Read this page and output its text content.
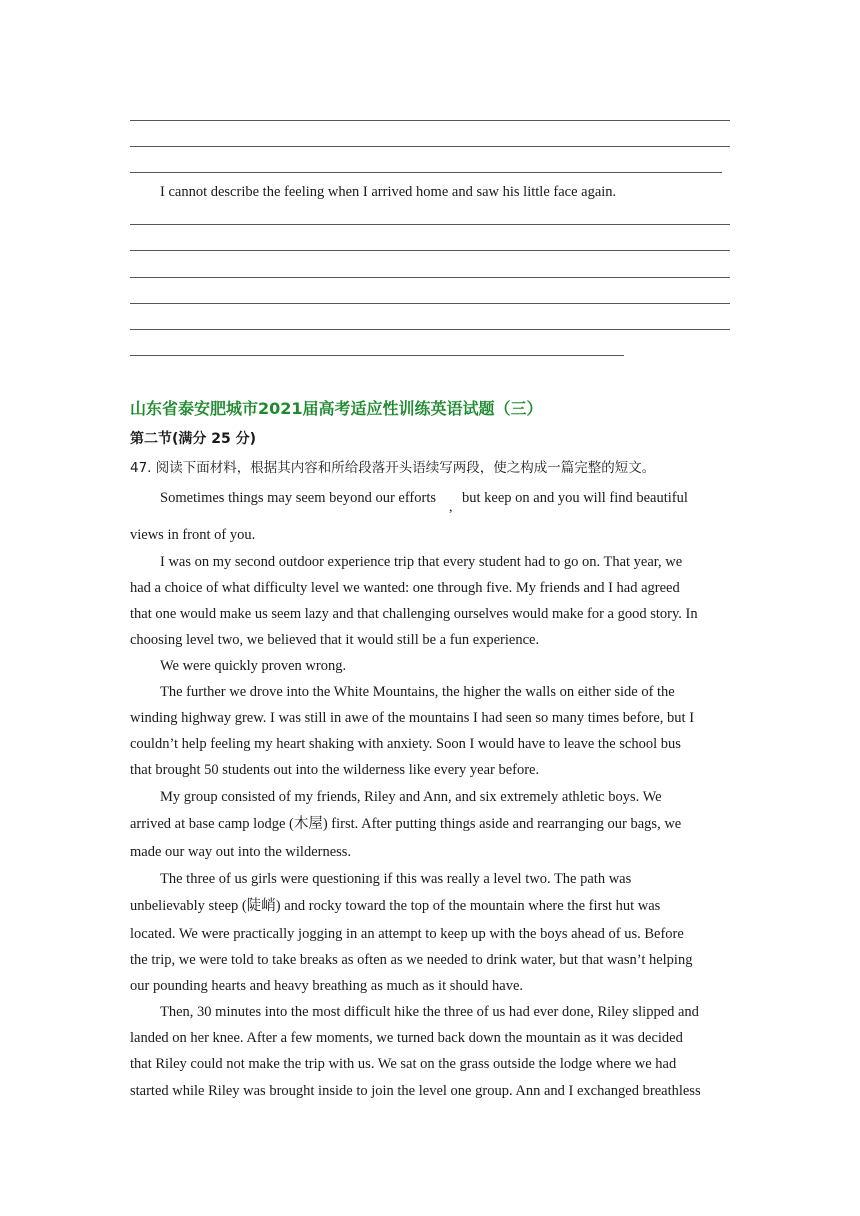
I cannot describe the feeling when I arrived home and saw his little face again.
山东省泰安肥城市2021届高考适应性训练英语试题（三）
第二节(满分 25 分)
47. 阅读下面材料，根据其内容和所给段落开头语续写两段，使之构成一篇完整的短文。
Sometimes things may seem beyond our efforts
,
but keep on and you will find beautiful
views in front of you.
I was on my second outdoor experience trip that every student had to go on. That year, we
had a choice of what difficulty level we wanted: one through five. My friends and I had agreed
that one would make us seem lazy and that challenging ourselves would make for a good story. In
choosing level two, we believed that it would still be a fun experience.
We were quickly proven wrong.
The further we drove into the White Mountains, the higher the walls on either side of the
winding highway grew. I was still in awe of the mountains I had seen so many times before, but I
couldn’t help feeling my heart shaking with anxiety. Soon I would have to leave the school bus
that brought 50 students out into the wilderness like every year before.
My group consisted of my friends, Riley and Ann, and six extremely athletic boys. We
arrived at base camp lodge (木屋) first. After putting things aside and rearranging our bags, we
made our way out into the wilderness.
The three of us girls were questioning if this was really a level two. The path was
unbelievably steep (陡峭) and rocky toward the top of the mountain where the first hut was
located. We were practically jogging in an attempt to keep up with the boys ahead of us. Before
the trip, we were told to take breaks as often as we needed to drink water, but that wasn’t helping
our pounding hearts and heavy breathing as much as it should have.
Then, 30 minutes into the most difficult hike the three of us had ever done, Riley slipped and
landed on her knee. After a few moments, we turned back down the mountain as it was decided
that Riley could not make the trip with us. We sat on the grass outside the lodge where we had
started while Riley was brought inside to join the level one group. Ann and I exchanged breathless
